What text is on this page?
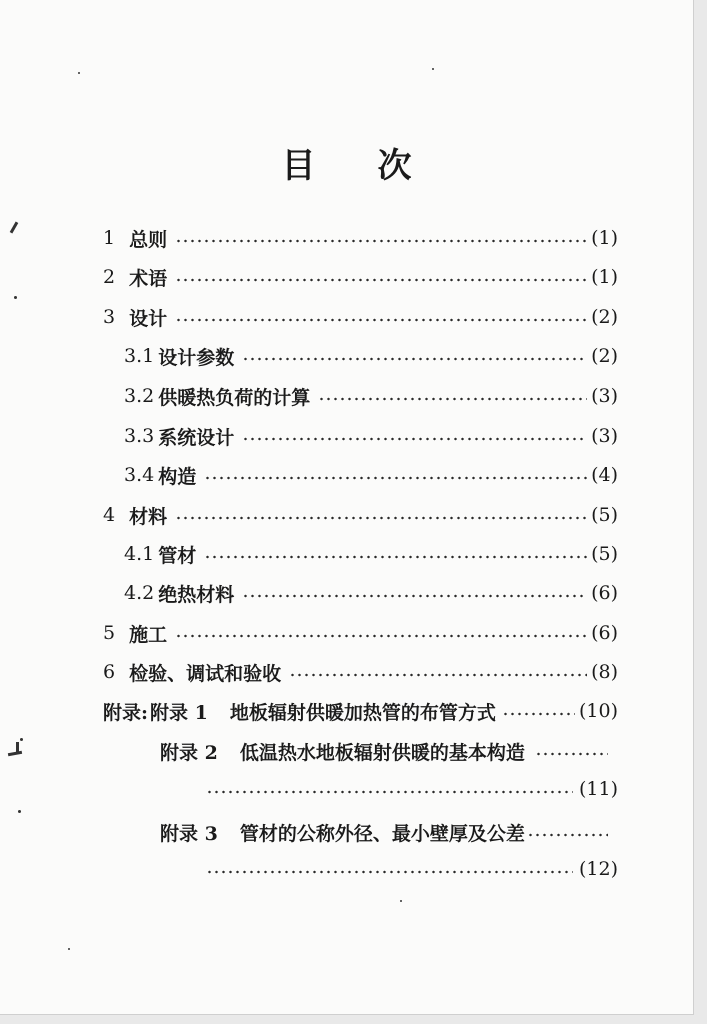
目 次
1 总则	(1)
2 术语	(1)
3 设计	(2)
3.1 设计参数	(2)
3.2 供暖热负荷的计算	(3)
3.3 系统设计	(3)
3.4 构造	(4)
4 材料	(5)
4.1 管材	(5)
4.2 绝热材料	(6)
5 施工	(6)
6 检验、调试和验收	(8)
附录: 附录 1 地板辐射供暖加热管的布管方式	(10)
附录 2 低温热水地板辐射供暖的基本构造
(11)
附录 3 管材的公称外径、最小壁厚及公差
(12)
